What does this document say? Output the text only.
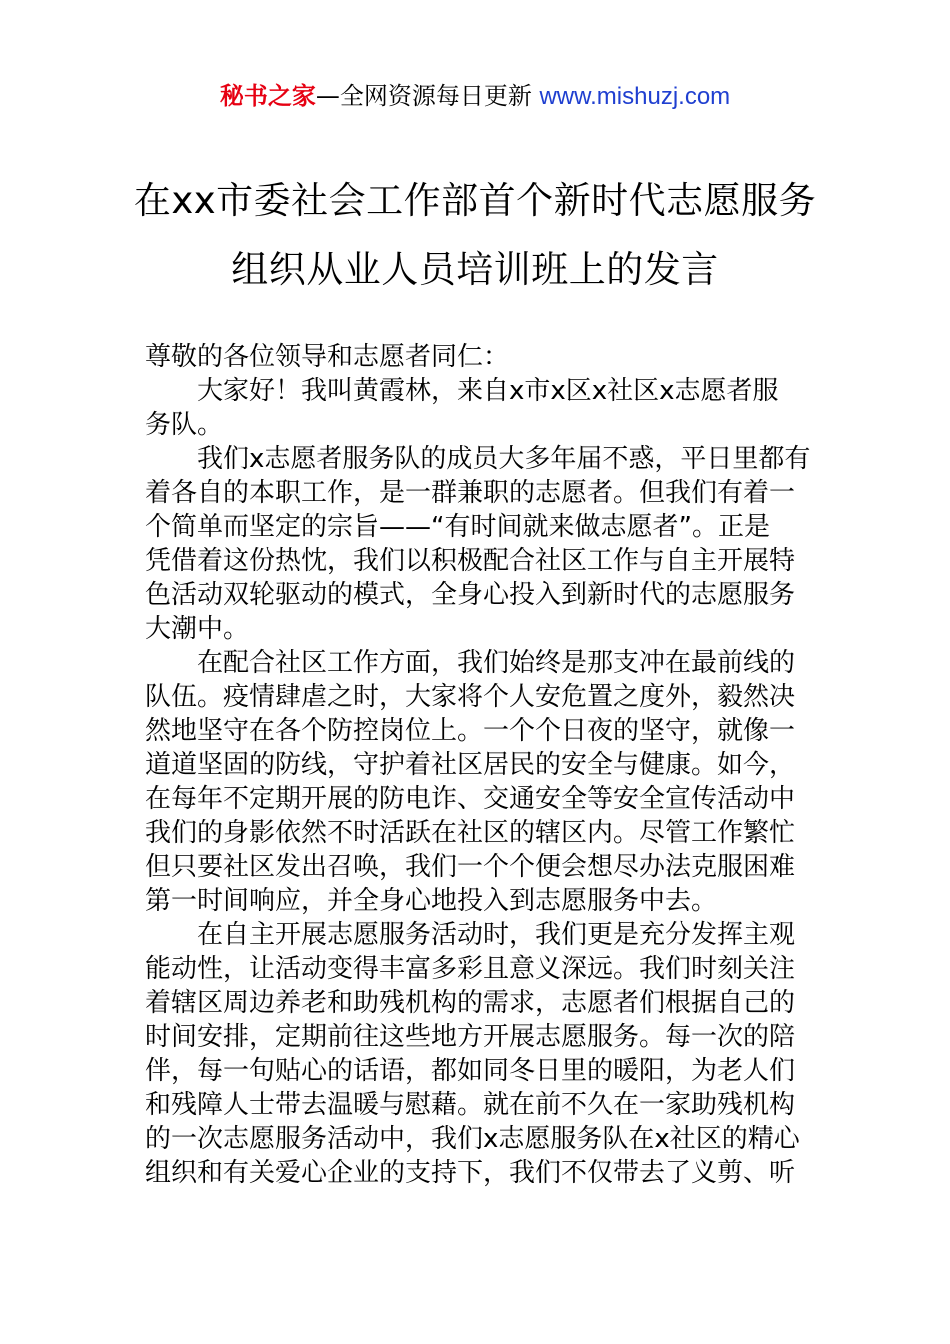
秘书之家—全网资源每日更新 www.mishuzj.com
在xx市委社会工作部首个新时代志愿服务
组织从业人员培训班上的发言
尊敬的各位领导和志愿者同仁：
　　大家好！我叫黄霞林，来自x市x区x社区x志愿者服
务队。
　　我们x志愿者服务队的成员大多年届不惑，平日里都有
着各自的本职工作，是一群兼职的志愿者。但我们有着一
个简单而坚定的宗旨——“有时间就来做志愿者”。正是
凭借着这份热忱，我们以积极配合社区工作与自主开展特
色活动双轮驱动的模式，全身心投入到新时代的志愿服务
大潮中。
　　在配合社区工作方面，我们始终是那支冲在最前线的
队伍。疫情肆虐之时，大家将个人安危置之度外，毅然决
然地坚守在各个防控岗位上。一个个日夜的坚守，就像一
道道坚固的防线，守护着社区居民的安全与健康。如今，
在每年不定期开展的防电诈、交通安全等安全宣传活动中
我们的身影依然不时活跃在社区的辖区内。尽管工作繁忙
但只要社区发出召唤，我们一个个便会想尽办法克服困难
第一时间响应，并全身心地投入到志愿服务中去。
　　在自主开展志愿服务活动时，我们更是充分发挥主观
能动性，让活动变得丰富多彩且意义深远。我们时刻关注
着辖区周边养老和助残机构的需求，志愿者们根据自己的
时间安排，定期前往这些地方开展志愿服务。每一次的陪
伴，每一句贴心的话语，都如同冬日里的暖阳，为老人们
和残障人士带去温暖与慰藉。就在前不久在一家助残机构
的一次志愿服务活动中，我们x志愿服务队在x社区的精心
组织和有关爱心企业的支持下，我们不仅带去了义剪、听
